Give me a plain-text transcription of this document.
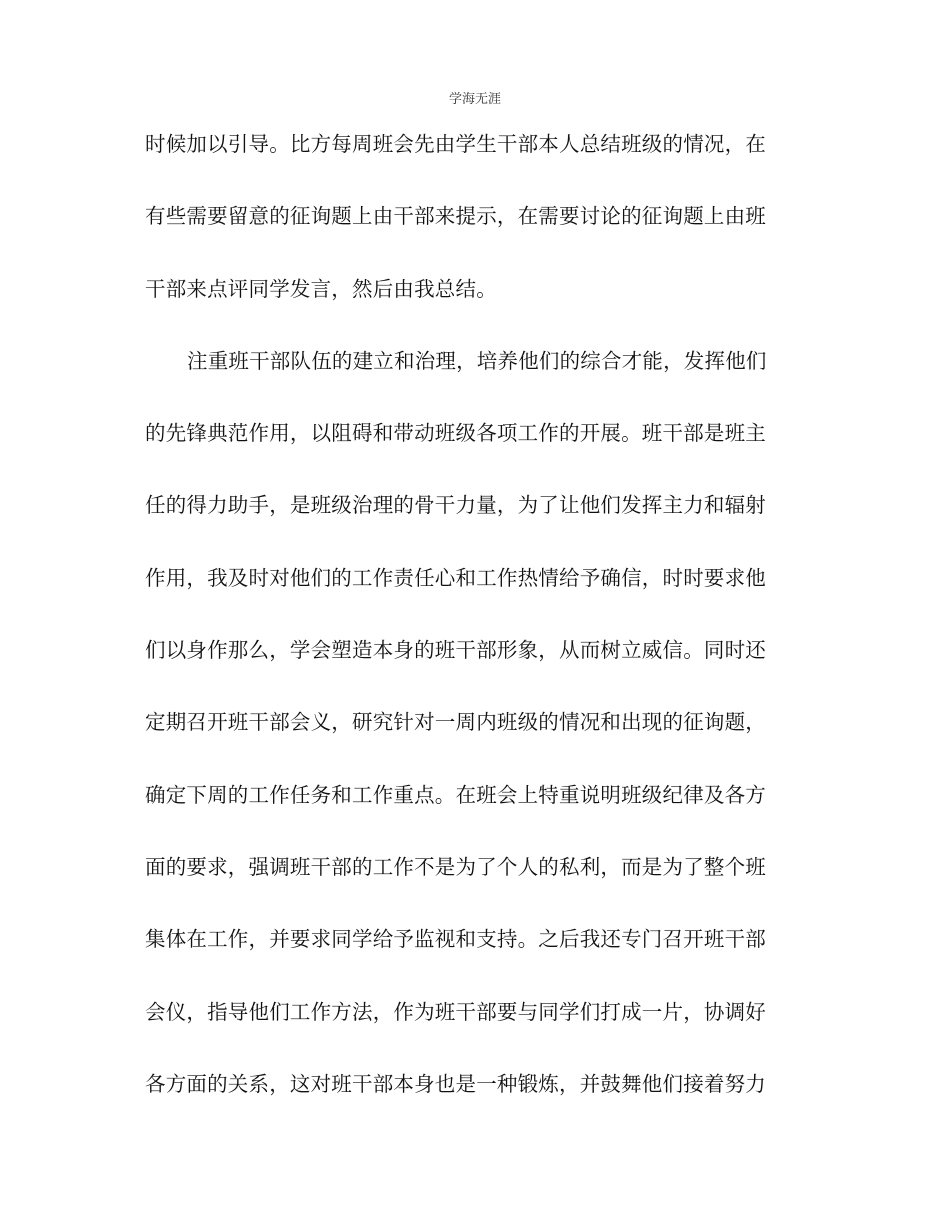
学海无涯
时候加以引导。比方每周班会先由学生干部本人总结班级的情况，在
有些需要留意的征询题上由干部来提示，在需要讨论的征询题上由班
干部来点评同学发言，然后由我总结。
注重班干部队伍的建立和治理，培养他们的综合才能，发挥他们
的先锋典范作用，以阻碍和带动班级各项工作的开展。班干部是班主
任的得力助手，是班级治理的骨干力量，为了让他们发挥主力和辐射
作用，我及时对他们的工作责任心和工作热情给予确信，时时要求他
们以身作那么，学会塑造本身的班干部形象，从而树立威信。同时还
定期召开班干部会义，研究针对一周内班级的情况和出现的征询题，
确定下周的工作任务和工作重点。在班会上特重说明班级纪律及各方
面的要求，强调班干部的工作不是为了个人的私利，而是为了整个班
集体在工作，并要求同学给予监视和支持。之后我还专门召开班干部
会仪，指导他们工作方法，作为班干部要与同学们打成一片，协调好
各方面的关系，这对班干部本身也是一种锻炼，并鼓舞他们接着努力
